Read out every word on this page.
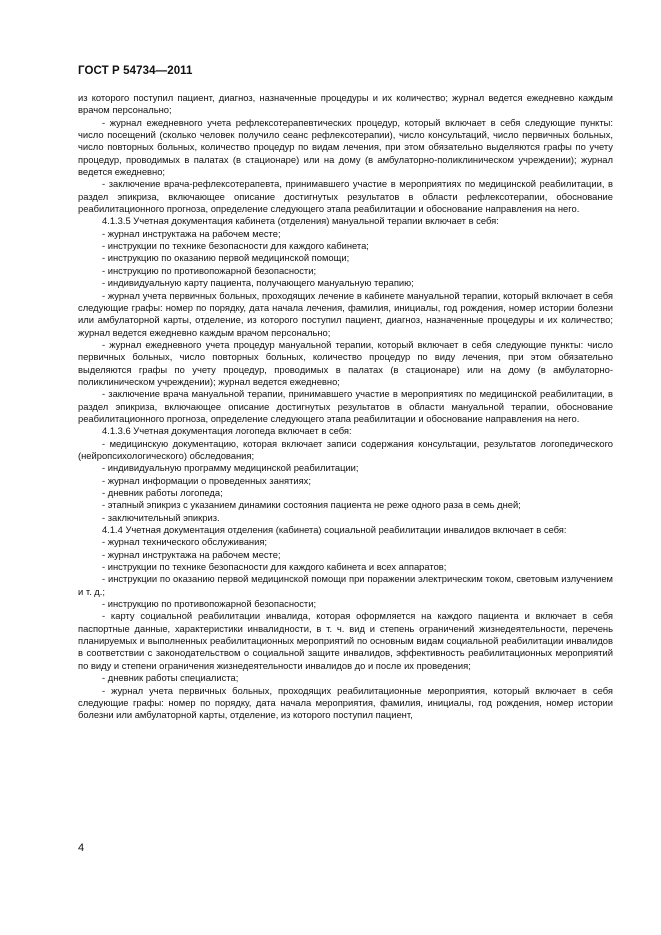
ГОСТ Р 54734—2011

из которого поступил пациент, диагноз, назначенные процедуры и их количество; журнал ведется ежедневно каждым врачом персонально;

- журнал ежедневного учета рефлексотерапевтических процедур, который включает в себя следующие пункты: число посещений (сколько человек получило сеанс рефлексотерапии), число консультаций, число первичных больных, число повторных больных, количество процедур по видам лечения, при этом обязательно выделяются графы по учету процедур, проводимых в палатах (в стационаре) или на дому (в амбулаторно-поликлиническом учреждении); журнал ведется ежедневно;

- заключение врача-рефлексотерапевта, принимавшего участие в мероприятиях по медицинской реабилитации, в раздел эпикриза, включающее описание достигнутых результатов в области рефлексотерапии, обоснование реабилитационного прогноза, определение следующего этапа реабилитации и обоснование направления на него.

4.1.3.5 Учетная документация кабинета (отделения) мануальной терапии включает в себя:

- журнал инструктажа на рабочем месте;

- инструкции по технике безопасности для каждого кабинета;

- инструкцию по оказанию первой медицинской помощи;

- инструкцию по противопожарной безопасности;

- индивидуальную карту пациента, получающего мануальную терапию;

- журнал учета первичных больных, проходящих лечение в кабинете мануальной терапии, который включает в себя следующие графы: номер по порядку, дата начала лечения, фамилия, инициалы, год рождения, номер истории болезни или амбулаторной карты, отделение, из которого поступил пациент, диагноз, назначенные процедуры и их количество; журнал ведется ежедневно каждым врачом персонально;

- журнал ежедневного учета процедур мануальной терапии, который включает в себя следующие пункты: число первичных больных, число повторных больных, количество процедур по виду лечения, при этом обязательно выделяются графы по учету процедур, проводимых в палатах (в стационаре) или на дому (в амбулаторно-поликлиническом учреждении); журнал ведется ежедневно;

- заключение врача мануальной терапии, принимавшего участие в мероприятиях по медицинской реабилитации, в раздел эпикриза, включающее описание достигнутых результатов в области мануальной терапии, обоснование реабилитационного прогноза, определение следующего этапа реабилитации и обоснование направления на него.

4.1.3.6 Учетная документация логопеда включает в себя:

- медицинскую документацию, которая включает записи содержания консультации, результатов логопедического (нейропсихологического) обследования;

- индивидуальную программу медицинской реабилитации;

- журнал информации о проведенных занятиях;

- дневник работы логопеда;

- этапный эпикриз с указанием динамики состояния пациента не реже одного раза в семь дней;

- заключительный эпикриз.

4.1.4 Учетная документация отделения (кабинета) социальной реабилитации инвалидов включает в себя:

- журнал технического обслуживания;

- журнал инструктажа на рабочем месте;

- инструкции по технике безопасности для каждого кабинета и всех аппаратов;

- инструкции по оказанию первой медицинской помощи при поражении электрическим током, световым излучением и т. д.;

- инструкцию по противопожарной безопасности;

- карту социальной реабилитации инвалида, которая оформляется на каждого пациента и включает в себя паспортные данные, характеристики инвалидности, в т. ч. вид и степень ограничений жизнедеятельности, перечень планируемых и выполненных реабилитационных мероприятий по основным видам социальной реабилитации инвалидов в соответствии с законодательством о социальной защите инвалидов, эффективность реабилитационных мероприятий по виду и степени ограничения жизнедеятельности инвалидов до и после их проведения;

- дневник работы специалиста;

- журнал учета первичных больных, проходящих реабилитационные мероприятия, который включает в себя следующие графы: номер по порядку, дата начала мероприятия, фамилия, инициалы, год рождения, номер истории болезни или амбулаторной карты, отделение, из которого поступил пациент,

4
